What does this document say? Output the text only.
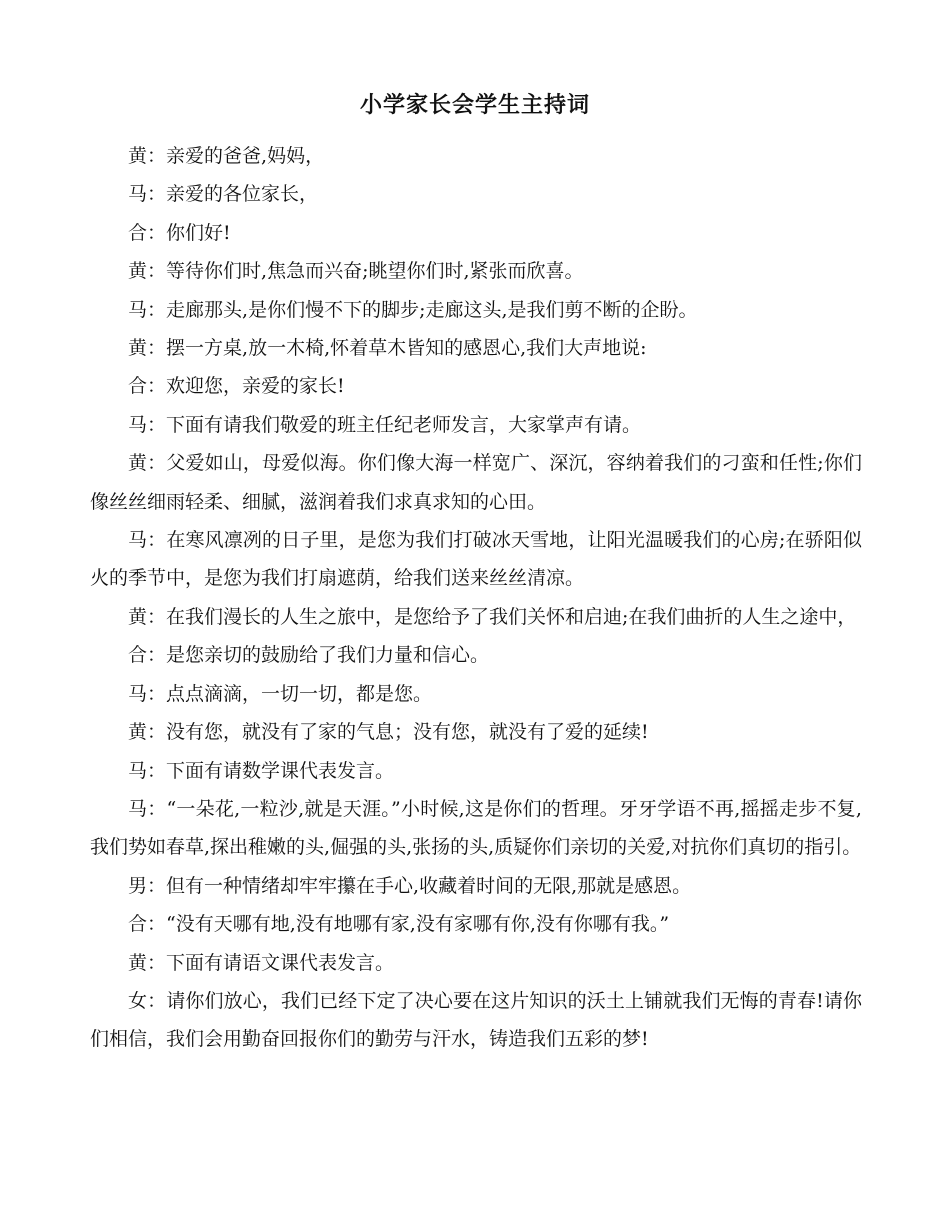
小学家长会学生主持词

黄：亲爱的爸爸,妈妈，

马：亲爱的各位家长，

合：你们好!

黄：等待你们时,焦急而兴奋;眺望你们时,紧张而欣喜。

马：走廊那头,是你们慢不下的脚步;走廊这头,是我们剪不断的企盼。

黄：摆一方桌,放一木椅,怀着草木皆知的感恩心,我们大声地说:

合：欢迎您，亲爱的家长!

马：下面有请我们敬爱的班主任纪老师发言，大家掌声有请。

黄：父爱如山，母爱似海。你们像大海一样宽广、深沉，容纳着我们的刁蛮和任性;你们像丝丝细雨轻柔、细腻，滋润着我们求真求知的心田。

马：在寒风凛冽的日子里，是您为我们打破冰天雪地，让阳光温暖我们的心房;在骄阳似火的季节中，是您为我们打扇遮荫，给我们送来丝丝清凉。

黄：在我们漫长的人生之旅中，是您给予了我们关怀和启迪;在我们曲折的人生之途中，

合：是您亲切的鼓励给了我们力量和信心。

马：点点滴滴，一切一切，都是您。

黄：没有您，就没有了家的气息；没有您，就没有了爱的延续!

马：下面有请数学课代表发言。

马：“一朵花,一粒沙,就是天涯。”小时候,这是你们的哲理。牙牙学语不再,摇摇走步不复,我们势如春草,探出稚嫩的头,倔强的头,张扬的头,质疑你们亲切的关爱,对抗你们真切的指引。

男：但有一种情绪却牢牢攥在手心,收藏着时间的无限,那就是感恩。

合：“没有天哪有地,没有地哪有家,没有家哪有你,没有你哪有我。”

黄：下面有请语文课代表发言。

女：请你们放心，我们已经下定了决心要在这片知识的沃土上铺就我们无悔的青春!请你们相信，我们会用勤奋回报你们的勤劳与汗水，铸造我们五彩的梦!
